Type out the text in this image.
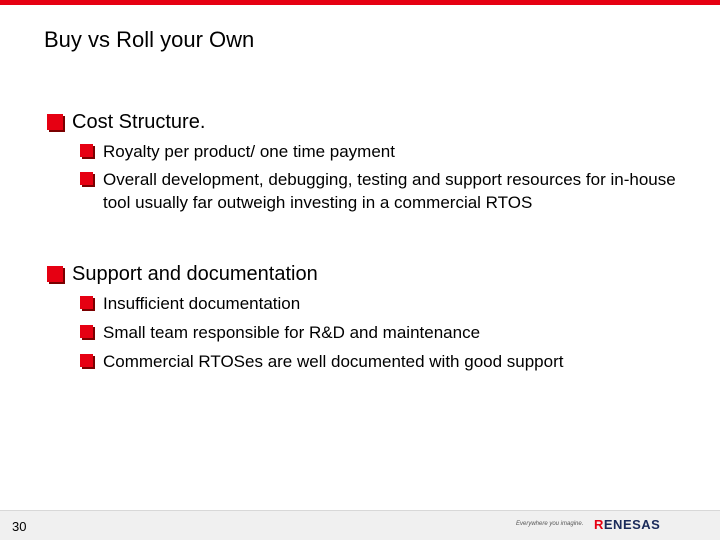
Buy vs Roll your Own
Cost Structure.
Royalty per product/ one time payment
Overall development, debugging, testing and support resources for in-house tool usually far outweigh investing in a commercial RTOS
Support and documentation
Insufficient documentation
Small team responsible for R&D and maintenance
Commercial RTOSes are well documented with good support
30	Everywhere you imagine. RENESAS
